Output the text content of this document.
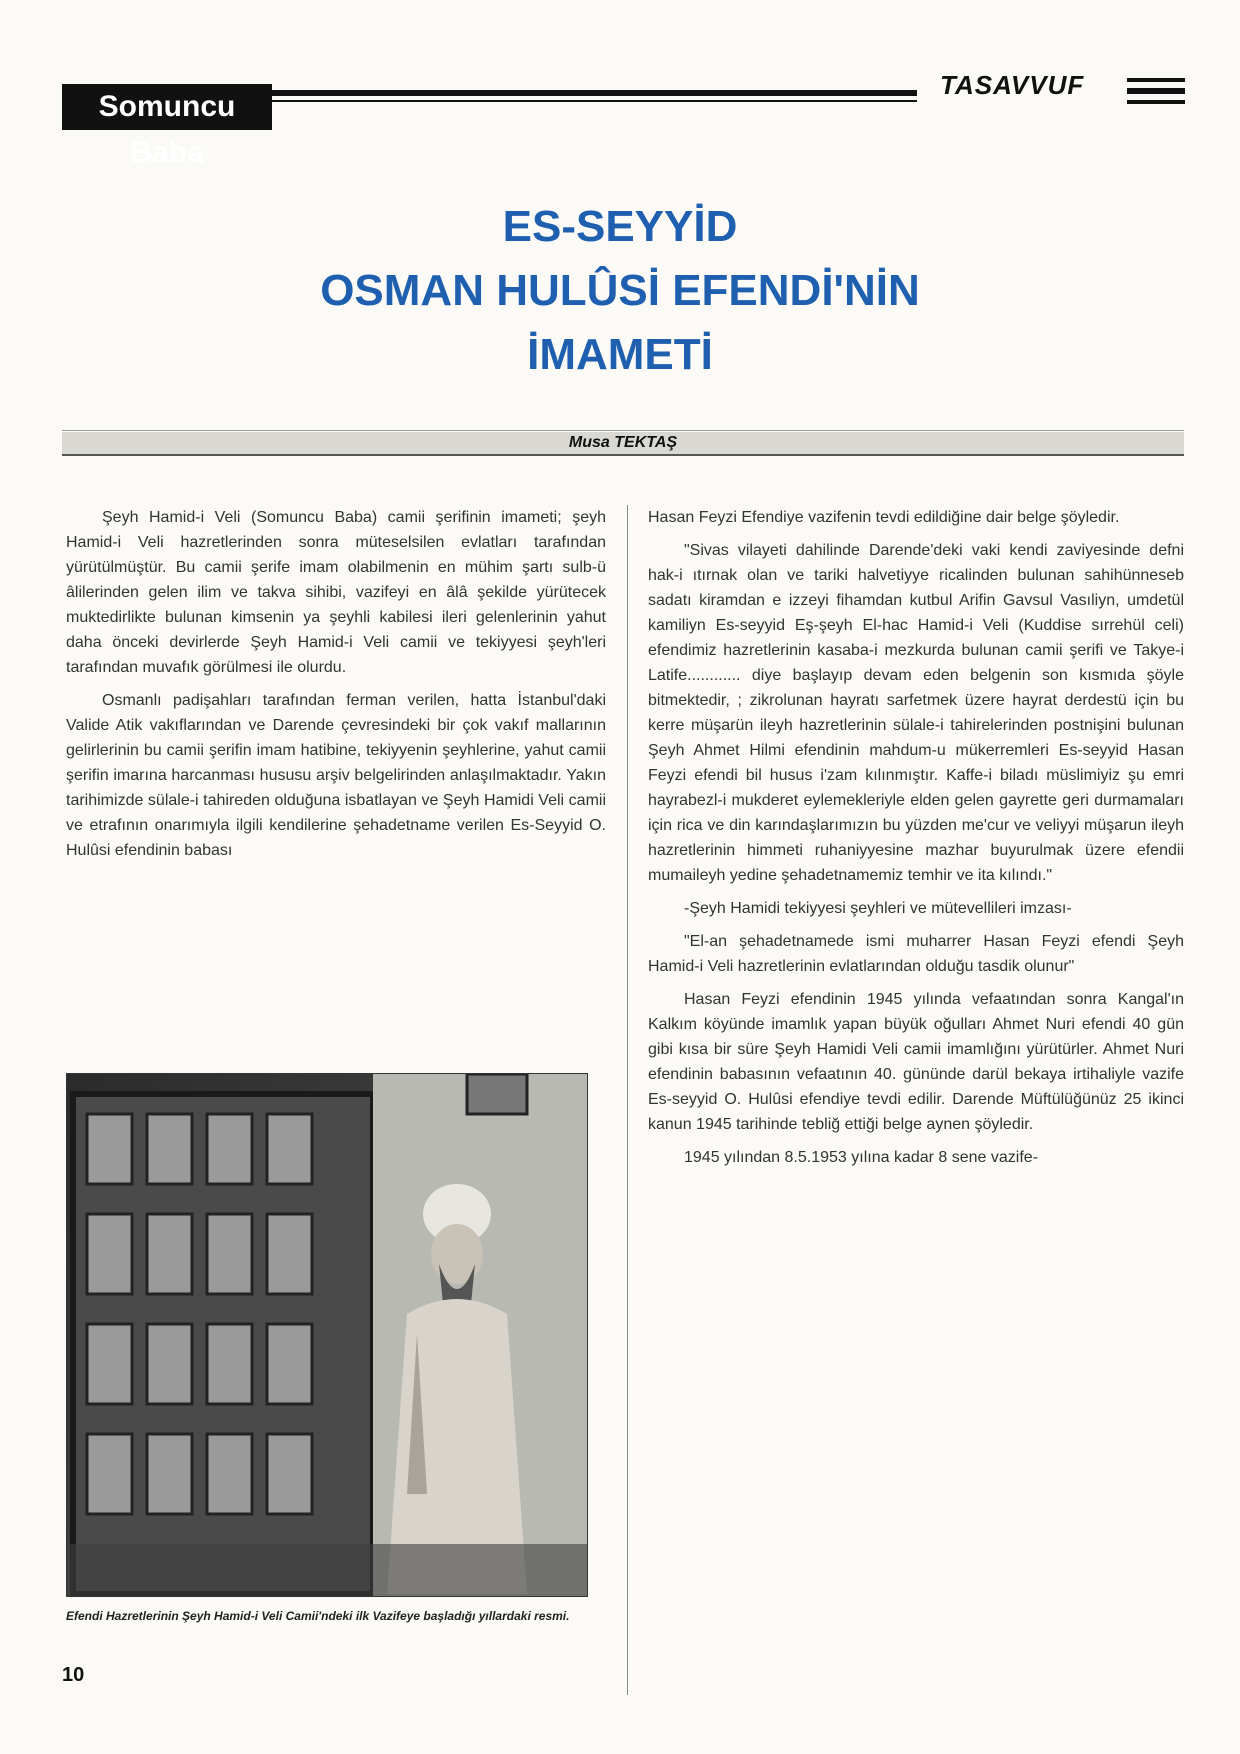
Somuncu Baba
TASAVVUF
ES-SEYYİD
OSMAN HULÛSİ EFENDİ'NİN
İMAMETİ
Musa TEKTAŞ

Şeyh Hamid-i Veli (Somuncu Baba) camii şerifinin imameti; şeyh Hamid-i Veli hazretlerinden sonra müteselsilen evlatları tarafından yürütülmüştür. Bu camii şerife imam olabilmenin en mühim şartı sulb-ü âlilerinden gelen ilim ve takva sihibi, vazifeyi en âlâ şekilde yürütecek muktedirlikte bulunan kimsenin ya şeyhli kabilesi ileri gelenlerinin yahut daha önceki devirlerde Şeyh Hamid-i Veli camii ve tekiyyesi şeyh'leri tarafından muvafık görülmesi ile olurdu.

Osmanlı padişahları tarafından ferman verilen, hatta İstanbul'daki Valide Atik vakıflarından ve Darende çevresindeki bir çok vakıf mallarının gelirlerinin bu camii şerifin imam hatibine, tekiyyenin şeyhlerine, yahut camii şerifin imarına harcanması hususu arşiv belgelirinden anlaşılmaktadır. Yakın tarihimizde sülale-i tahireden olduğuna isbatlayan ve Şeyh Hamidi Veli camii ve etrafının onarımıyla ilgili kendilerine şehadetname verilen Es-Seyyid O. Hulûsi efendinin babası

Efendi Hazretlerinin Şeyh Hamid-i Veli Camii'ndeki ilk Vazifeye başladığı yıllardaki resmi.

Hasan Feyzi Efendiye vazifenin tevdi edildiğine dair belge şöyledir.

"Sivas vilayeti dahilinde Darende'deki vaki kendi zaviyesinde defni hak-i ıtırnak olan ve tariki halvetiyye ricalinden bulunan sahihünneseb sadatı kiramdan e izzeyi fihamdan kutbul Arifin Gavsul Vasıliyn, umdetül kamiliyn Es-seyyid Eş-şeyh El-hac Hamid-i Veli (Kuddise sırrehül celi) efendimiz hazretlerinin kasaba-i mezkurda bulunan camii şerifi ve Takye-i Latife............ diye başlayıp devam eden belgenin son kısmıda şöyle bitmektedir, ; zikrolunan hayratı sarfetmek üzere hayrat derdestü için bu kerre müşarün ileyh hazretlerinin sülale-i tahirelerinden postnişini bulunan Şeyh Ahmet Hilmi efendinin mahdum-u mükerremleri Es-seyyid Hasan Feyzi efendi bil husus i'zam kılınmıştır. Kaffe-i biladı müslimiyiz şu emri hayrabezl-i mukderet eylemekleriyle elden gelen gayrette geri durmamaları için rica ve din karındaşlarımızın bu yüzden me'cur ve veliyyi müşarun ileyh hazretlerinin himmeti ruhaniyyesine mazhar buyurulmak üzere efendii mumaileyh yedine şehadetnamemiz temhir ve ita kılındı."

-Şeyh Hamidi tekiyyesi şeyhleri ve mütevellileri imzası-

"El-an şehadetnamede ismi muharrer Hasan Feyzi efendi Şeyh Hamid-i Veli hazretlerinin evlatlarından olduğu tasdik olunur"

Hasan Feyzi efendinin 1945 yılında vefaatından sonra Kangal'ın Kalkım köyünde imamlık yapan büyük oğulları Ahmet Nuri efendi 40 gün gibi kısa bir süre Şeyh Hamidi Veli camii imamlığını yürütürler. Ahmet Nuri efendinin babasının vefaatının 40. gününde darül bekaya irtihaliyle vazife Es-seyyid O. Hulûsi efendiye tevdi edilir. Darende Müftülüğünüz 25 ikinci kanun 1945 tarihinde tebliğ ettiği belge aynen şöyledir.

1945 yılından 8.5.1953 yılına kadar 8 sene vazife-

10
